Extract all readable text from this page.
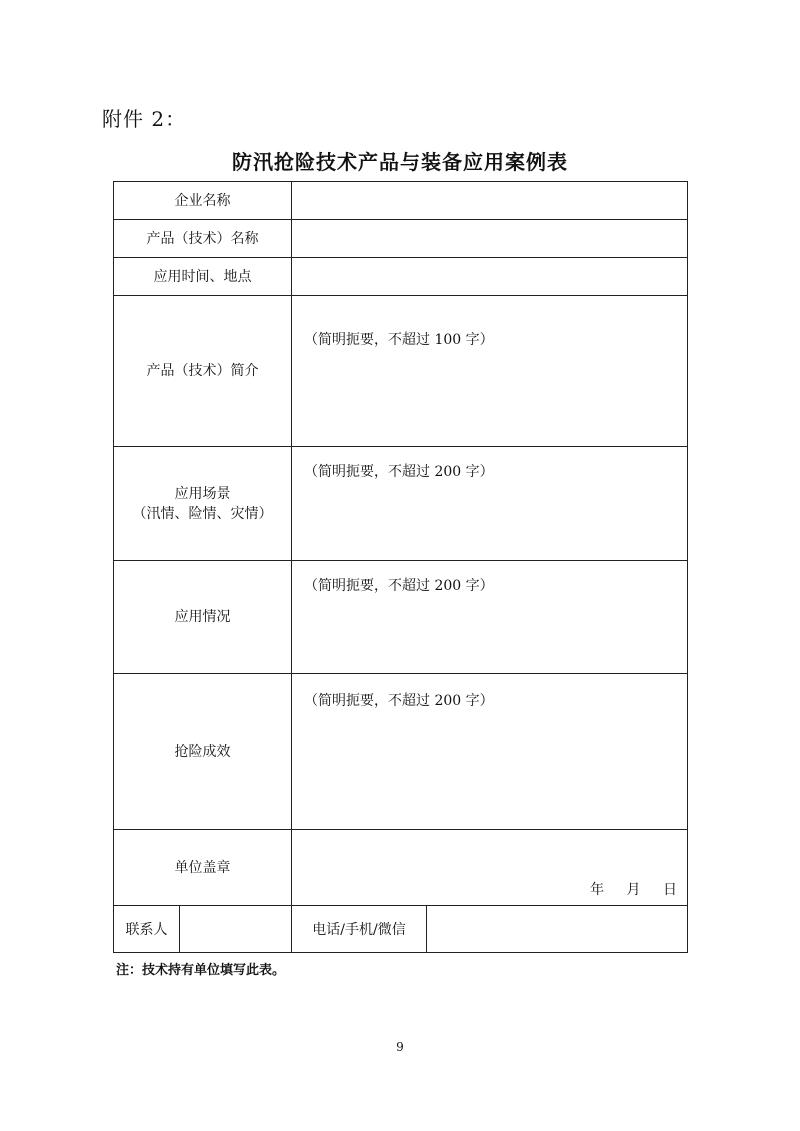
附件 2：
防汛抢险技术产品与装备应用案例表
企业名称			
产品（技术）名称			
应用时间、地点			
产品（技术）简介		（简明扼要，不超过 100 字）	

应用场景
（汛情、险情、灾情）		（简明扼要，不超过 200 字）	

应用情况		（简明扼要，不超过 200 字）	

抢险成效		（简明扼要，不超过 200 字）	

单位盖章		年 月 日	

联系人		电话/手机/微信	
注：技术持有单位填写此表。
9
